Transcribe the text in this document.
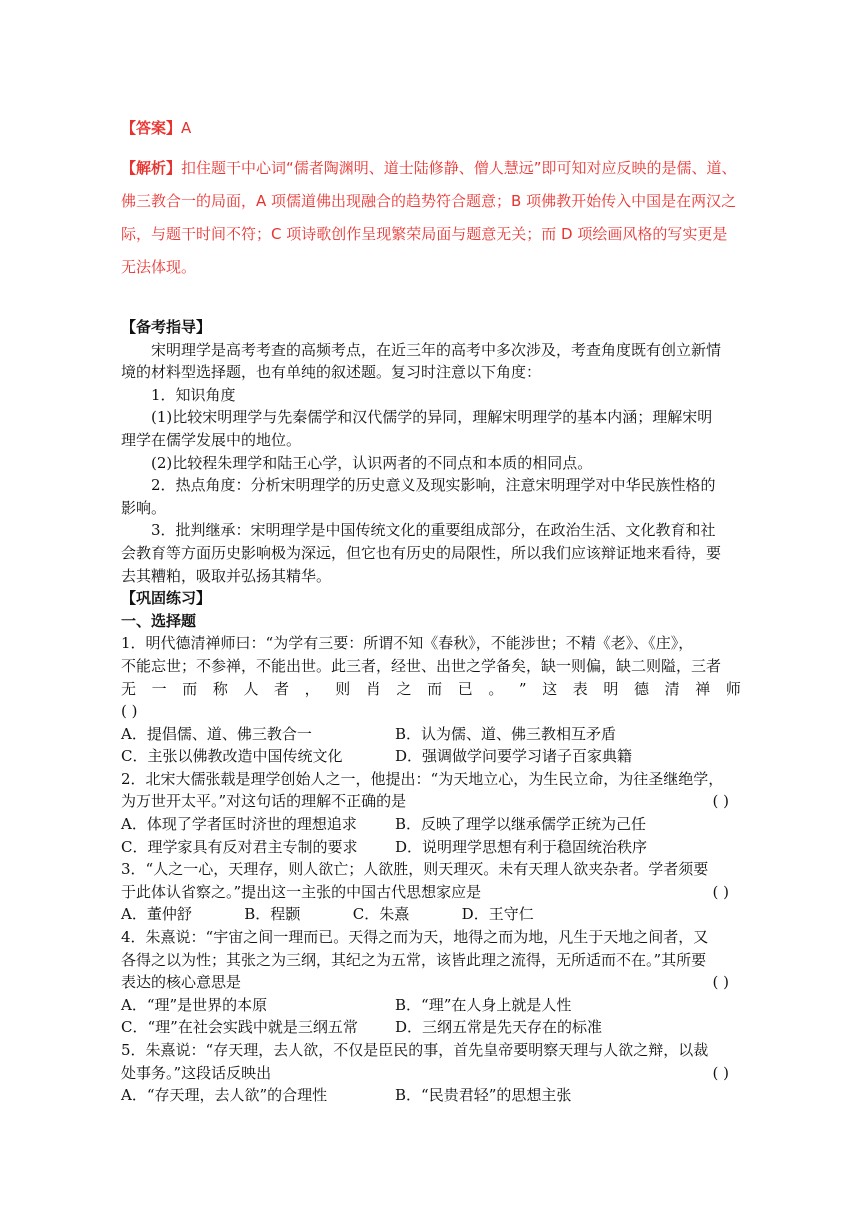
【答案】A
【解析】扣住题干中心词“儒者陶渊明、道士陆修静、僧人慧远”即可知对应反映的是儒、道、佛三教合一的局面，A 项儒道佛出现融合的趋势符合题意；B 项佛教开始传入中国是在两汉之际，与题干时间不符；C 项诗歌创作呈现繁荣局面与题意无关；而 D 项绘画风格的写实更是无法体现。
【备考指导】
宋明理学是高考考查的高频考点，在近三年的高考中多次涉及，考查角度既有创立新情
境的材料型选择题，也有单纯的叙述题。复习时注意以下角度：
1．知识角度
(1)比较宋明理学与先秦儒学和汉代儒学的异同，理解宋明理学的基本内涵；理解宋明
理学在儒学发展中的地位。
(2)比较程朱理学和陆王心学，认识两者的不同点和本质的相同点。
2．热点角度：分析宋明理学的历史意义及现实影响，注意宋明理学对中华民族性格的
影响。
3．批判继承：宋明理学是中国传统文化的重要组成部分，在政治生活、文化教育和社
会教育等方面历史影响极为深远，但它也有历史的局限性，所以我们应该辩证地来看待，要
去其糟粕，吸取并弘扬其精华。
【巩固练习】
一、选择题
1．明代德清禅师曰：“为学有三要：所谓不知《春秋》，不能涉世；不精《老》、《庄》，
不能忘世；不参禅，不能出世。此三者，经世、出世之学备矣，缺一则偏，缺二则隘，三者
无 一 而 称 人 者 ， 则 肖 之 而 已 。 ” 这 表 明 德 清 禅 师
( )
A．提倡儒、道、佛三教合一	B．认为儒、道、佛三教相互矛盾
C．主张以佛教改造中国传统文化	D．强调做学问要学习诸子百家典籍
2．北宋大儒张载是理学创始人之一，他提出：“为天地立心，为生民立命，为往圣继绝学，
为万世开太平。”对这句话的理解不正确的是	( )
A．体现了学者匡时济世的理想追求	B．反映了理学以继承儒学正统为己任
C．理学家具有反对君主专制的要求	D．说明理学思想有利于稳固统治秩序
3．“人之一心，天理存，则人欲亡；人欲胜，则天理灭。未有天理人欲夹杂者。学者须要
于此体认省察之。”提出这一主张的中国古代思想家应是	( )
A．董仲舒           B．程颢           C．朱熹           D．王守仁
4．朱熹说：“宇宙之间一理而已。天得之而为天，地得之而为地，凡生于天地之间者，又
各得之以为性；其张之为三纲，其纪之为五常，该皆此理之流得，无所适而不在。”其所要
表达的核心意思是	( )
A．“理”是世界的本原	B．“理”在人身上就是人性
C．“理”在社会实践中就是三纲五常	D．三纲五常是先天存在的标准
5．朱熹说：“存天理，去人欲，不仅是臣民的事，首先皇帝要明察天理与人欲之辩，以裁
处事务。”这段话反映出	( )
A．“存天理，去人欲”的合理性	B．“民贵君轻”的思想主张
